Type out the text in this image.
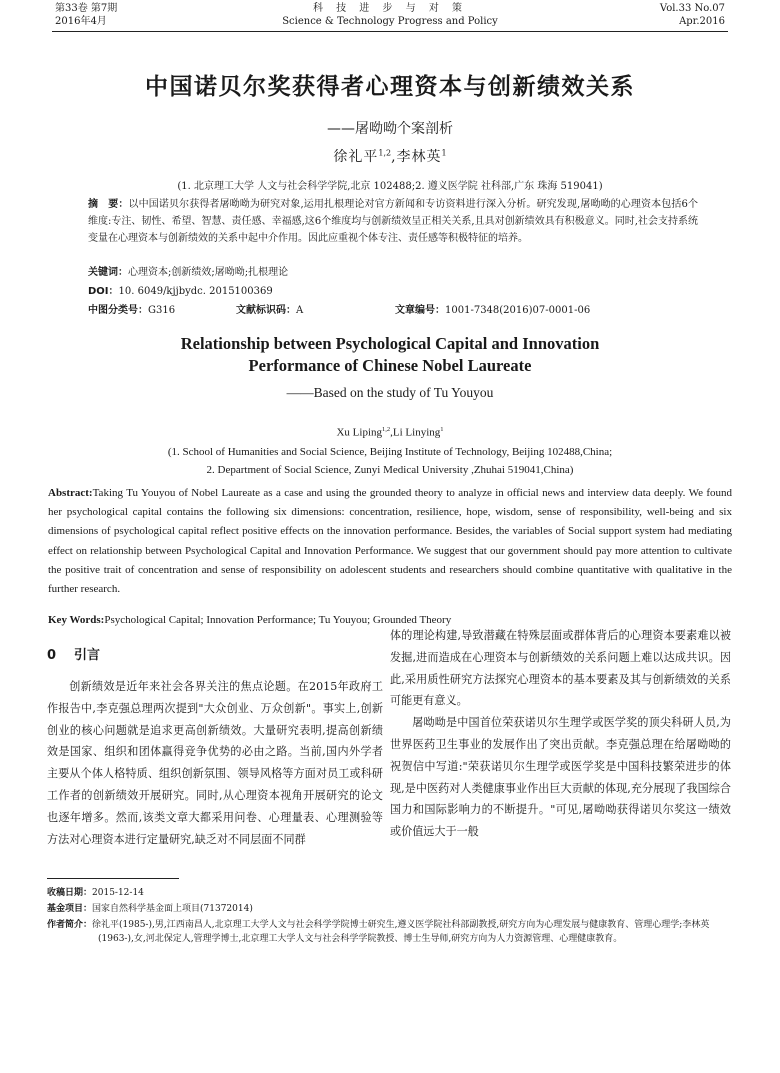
第33卷 第7期
2016年4月
科 技 进 步 与 对 策
Science & Technology Progress and Policy
Vol.33 No.07
Apr.2016
中国诺贝尔奖获得者心理资本与创新绩效关系
——屠呦呦个案剖析
徐礼平$^{1,2}$,李林英$^1$
(1. 北京理工大学 人文与社会科学学院,北京 102488;2. 遵义医学院 社科部,广东 珠海 519041)
摘　要：以中国诺贝尔获得者屠呦呦为研究对象,运用扎根理论对官方新闻和专访资料进行深入分析。研究发现,屠呦呦的心理资本包括6个维度:专注、韧性、希望、智慧、责任感、幸福感,这6个维度均与创新绩效呈正相关关系,且具对创新绩效具有积极意义。同时,社会支持系统变量在心理资本与创新绩效的关系中起中介作用。因此应重视个体专注、责任感等积极特征的培养。
关键词：心理资本;创新绩效;屠呦呦;扎根理论
DOI：10. 6049/kjjbydc. 2015100369
中图分类号：G316	文献标识码：A	文章编号：1001-7348(2016)07-0001-06
Relationship between Psychological Capital and Innovation
Performance of Chinese Nobel Laureate
——Based on the study of Tu Youyou
Xu Liping$^{1,2}$,Li Linying$^1$
(1. School of Humanities and Social Science, Beijing Institute of Technology, Beijing 102488,China;
2. Department of Social Science, Zunyi Medical University ,Zhuhai 519041,China)
Abstract:Taking Tu Youyou of Nobel Laureate as a case and using the grounded theory to analyze in official news and interview data deeply. We found her psychological capital contains the following six dimensions: concentration, resilience, hope, wisdom, sense of responsibility, well-being and six dimensions of psychological capital reflect positive effects on the innovation performance. Besides, the variables of Social support system had mediating effect on relationship between Psychological Capital and Innovation Performance. We suggest that our government should pay more attention to cultivate the positive trait of concentration and sense of responsibility on adolescent students and researchers should combine quantitative with qualitative in the further research.
Key Words:Psychological Capital; Innovation Performance; Tu Youyou; Grounded Theory
0 引言

创新绩效是近年来社会各界关注的焦点论题。在2015年政府工作报告中,李克强总理两次提到"大众创业、万众创新"。事实上,创新创业的核心问题就是追求更高创新绩效。大量研究表明,提高创新绩效是国家、组织和团体赢得竞争优势的必由之路。当前,国内外学者主要从个体人格特质、组织创新氛围、领导风格等方面对员工或科研工作者的创新绩效开展研究。同时,从心理资本视角开展研究的论文也逐年增多。然而,该类文章大都采用问卷、心理量表、心理测验等方法对心理资本进行定量研究,缺乏对不同层面不同群

体的理论构建,导致潜藏在特殊层面或群体背后的心理资本要素难以被发掘,进而造成在心理资本与创新绩效的关系问题上难以达成共识。因此,采用质性研究方法探究心理资本的基本要素及其与创新绩效的关系可能更有意义。

屠呦呦是中国首位荣获诺贝尔生理学或医学奖的顶尖科研人员,为世界医药卫生事业的发展作出了突出贡献。李克强总理在给屠呦呦的祝贺信中写道:"荣获诺贝尔生理学或医学奖是中国科技繁荣进步的体现,是中医药对人类健康事业作出巨大贡献的体现,充分展现了我国综合国力和国际影响力的不断提升。"可见,屠呦呦获得诺贝尔奖这一绩效或价值远大于一般

收稿日期：2015-12-14
基金项目：国家自然科学基金面上项目(71372014)
作者简介：徐礼平(1985-),男,江西南昌人,北京理工大学人文与社会科学学院博士研究生,遵义医学院社科部副教授,研究方向为心理发展与健康教育、管理心理学;李林英(1963-),女,河北保定人,管理学博士,北京理工大学人文与社会科学学院教授、博士生导师,研究方向为人力资源管理、心理健康教育。
